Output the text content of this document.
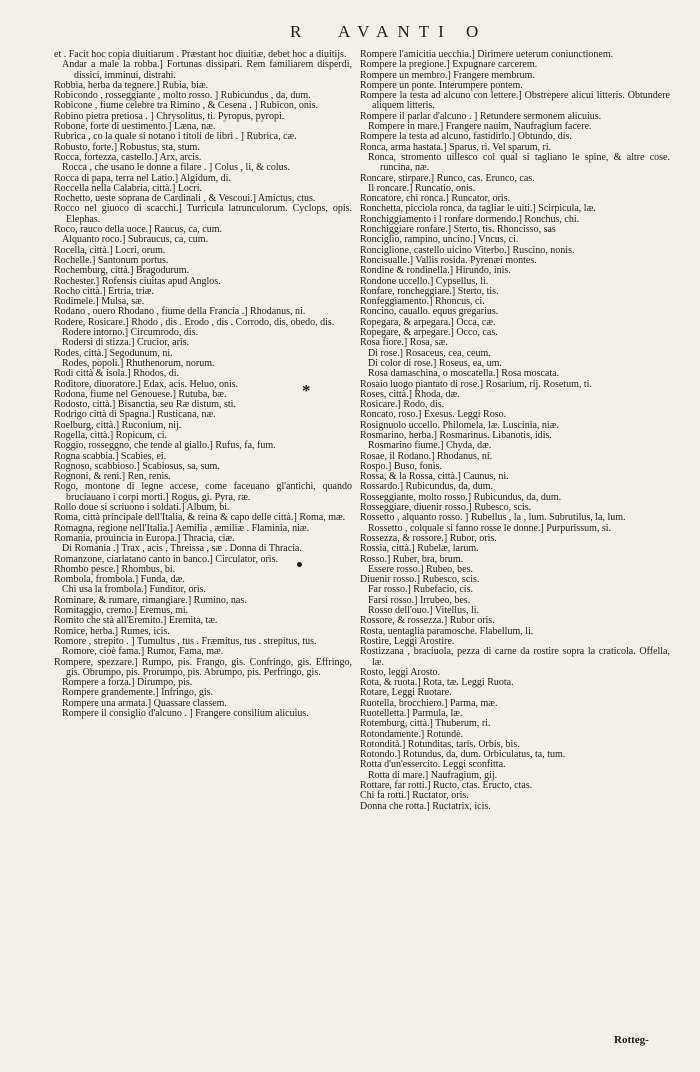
R AVANTI O
et . Facit hoc copia diuitiarum . Præstant hoc diuitiæ, debet hoc a diuitijs.
Andar a male la robba.] Fortunas dissipari. Rem familiarem disperdi, dissici, imminui, distrahi.
Robbia, herba da tegnere.] Rubia, biæ.
Robicondo , rosseggiante , molto rosso. ] Rubicundus , da, dum.
Robicone , fiume celebre tra Rimino , & Cesena . ] Rubicon, onis.
Robino pietra pretiosa . ] Chrysolitus, ti. Pyropus, pyropi.
Robone, forte di uestimento.] Læna, næ.
Rubrica , co la quale si notano i titoli de libri . ] Rubrica, cæ.
Robusto, forte.] Robustus, sta, stum.
Rocca, fortezza, castello.] Arx, arcis.
Rocca , che usano le donne a filare . ] Colus , li, & colus.
Rocca di papa, terra nel Latio.] Algidum, di.
Roccella nella Calabria, città.] Locri.
Rochetto, ueste soprana de Cardinali , & Vescoui.] Amictus, ctus.
Rocco nel giuoco di scacchi.] Turricula latrunculorum. Cyclops, opis. Elephas.
Roco, rauco della uoce.] Raucus, ca, cum.
Alquanto roco.] Subraucus, ca, cum.
Rocella, città.] Locri, orum.
Rochelle.] Santonum portus.
Rochemburg, città.] Bragodurum.
Rochester.] Rofensis ciuitas apud Anglos.
Rocho città.] Ertria, triæ.
Rodimele.] Mulsa, sæ.
Rodano , ouero Rhodano , fiume della Francia .] Rhodanus, ni.
Rodere, Rosicare.] Rhodo , dis . Erodo , dis . Corrodo, dis, obedo, dis.
Rodere intorno.] Circumrodo, dis.
Rodersi di stizza.] Crucior, aris.
Rodes, città.] Segodunum, ni.
Rodes, popoli.] Rhuthenorum, norum.
Rodi città & isola.] Rhodos, di.
Roditore, diuoratore.] Edax, acis. Heluo, onis.
Rodona, fiume nel Genouese.] Rutuba, bæ.
Rodosto, città.] Bisanctia, seu Ræ distum, sti.
Rodrigo città di Spagna.] Rusticana, næ.
Roelburg, città.] Ruconium, nij.
Rogella, città.] Ropicum, ci.
Roggio, rosseggno, che tende al giallo.] Rufus, fa, fum.
Rogna scabbia.] Scabies, ei.
Rognoso, scabbioso.] Scabiosus, sa, sum.
Rognoni, & reni.] Ren, renis.
Rogo, montone di legne accese, come faceuano gl'antichi, quando bruciauano i corpi morti.] Rogus, gi. Pyra, ræ.
Rollo doue si scriuono i soldati.] Album, bi.
Roma, città principale dell'Italia, & reina & capo delle città.] Roma, mæ.
Romagna, regione nell'Italia.] Aemilia , æmiliæ . Flaminia, niæ.
Romania, prouincia in Europa.] Thracia, ciæ.
Di Romania .] Trax , acis , Threissa , sæ . Donna di Thracia.
Romanzone, ciarlatano canto in banco.] Circulator, oris.
Rhombo pesce.] Rhombus, bi.
Rombola, frombola.] Funda, dæ.
Chi usa la frombola.] Funditor, oris.
Rominare, & rumare, rimangiare.] Rumino, nas.
Romitaggio, cremo.] Eremus, mi.
Romito che stà all'Eremito.] Eremita, tæ.
Romice, herba.] Rumes, icis.
Romore , strepito . ] Tumultus , tus . Fræmitus, tus . strepitus, tus.
Romore, cioè fama.] Rumor, Fama, mæ.
Rompere, spezzare.] Rumpo, pis. Frango, gis. Confringo, gis. Effringo, gis. Obrumpo, pis. Prorumpo, pis. Abrumpo, pis. Perfringo, gis.
Rompere a forza.] Dirumpo, pis.
Rompere grandemente.] Infringo, gis.
Rompere una armata.] Quassare classem.
Rompere il consiglio d'alcuno . ] Frangere consilium alicuius.
Rompere l'amicitia uecchia.] Dirimere ueterum coniunctionem.
Rompere la pregione.] Expugnare carcerem.
Rompere un membro.] Frangere membrum.
Rompere un ponte. Interumpere pontem.
Rompere la testa ad alcuno con lettere.] Obstrepere alicui litteris. Obtundere aliquem litteris.
Rompere il parlar d'alcuno . ] Retundere sermonem alicuius.
Rompere in mare.] Frangere nauim, Naufragium facere.
Rompere la testa ad alcuno, fastidirlo.] Obtundo, dis.
Ronca, arma hastata.] Sparus, ri. Vel sparum, ri.
Ronca, stromento uillesco col qual si tagliano le spine, & altre cose. runcina, næ.
Roncare, stirpare.] Runco, cas. Erunco, cas.
Il roncare.] Runcatio, onis.
Roncatore, chi ronca.] Runcator, oris.
Ronchetta, picciola ronca, da tagliar le uiti.] Scirpicula, læ.
Ronchiggiamento i l ronfare dormendo.] Ronchus, chi.
Ronchiggiare ronfare.] Sterto, tis. Rhoncisso, sas
Ronciglio, rampino, uncino.] Vncus, ci.
Ronciglione, castello uicino Viterbo.] Ruscino, nonis.
Roncisualle.] Vallis rosida. Pyrenæi montes.
Rondine & rondinella.] Hirundo, inis.
Rondone uccello.] Cypsellus, li.
Ronfare, roncheggiare.] Sterto, tis.
Ronfeggiamento.] Rhoncus, ci.
Roncino, cauallo. equus gregarius.
Ropegara, & arpegara.] Occa, cæ.
Ropegare, & arpegare.] Occo, cas.
Rosa fiore.] Rosa, sæ.
Di rose.] Rosaceus, cea, ceum.
Di color di rose.] Roseus, ea, um.
Rosa damaschina, o moscatella.] Rosa moscata.
Rosaio luogo piantato di rose.] Rosarium, rij. Rosetum, ti.
Roses, città.] Rhoda, dæ.
Rosicare.] Rodo, dis.
Roncato, roso.] Exesus. Leggi Roso.
Rosignuolo uccello. Philomela, læ. Luscinia, niæ.
Rosmarino, herba.] Rosmarinus. Libanotis, idis.
Rosmarino fiume.] Chyda, dæ.
Rosae, il Rodano.] Rhodanus, ni.
Rospo.] Buso, fonis.
Rossa, & la Rossa, città.] Caunus, ni.
Rossardo.] Rubicundus, da, dum.
Rosseggiante, molto rosso.] Rubicundus, da, dum.
Rosseggiare, diuenir rosso.] Rubesco, scis.
Rossetto , alquanto rosso. ] Rubellus , la , lum. Subrutilus, la, lum.
Rossetto , colquale si fanno rosse le donne.] Purpurissum, si.
Rossezza, & rossore.] Rubor, oris.
Rossia, città.] Rubelæ, larum.
Rosso.] Ruber, bra, brum.
Essere rosso.] Rubeo, bes.
Diuenir rosso.] Rubesco, scis.
Far rosso.] Rubefacio, cis.
Farsi rosso.] Irrubeo, bes.
Rosso dell'ouo.] Vitellus, li.
Rossore, & rossezza.] Rubor oris.
Rosta, uentaglia paramosche. Flabellum, li.
Rostire, Leggi Arostire.
Rostizzana , braciuola, pezza di carne da rostire sopra la craticola. Offella, læ.
Rosto, leggi Arosto.
Rota, & ruota.] Rota, tæ. Leggi Ruota.
Rotare, Leggi Ruotare.
Ruotella, brocchiero.] Parma, mæ.
Ruotelletta.] Parmula, læ.
Rotemburg, città.] Thuberum, ri.
Rotondamente.] Rotundè.
Rotondità.] Rotunditas, taris. Orbis, bis.
Rotondo.] Rotundus, da, dum. Orbiculatus, ta, tum.
Rotta d'un'essercito. Leggi sconfitta.
Rotta di mare.] Naufragium, gij.
Rottare, far rotti.] Ructo, ctas. Eructo, ctas.
Chi fa rotti.] Ructator, oris.
Donna che rotta.] Ructatrix, icis.
*
Rotteg-
